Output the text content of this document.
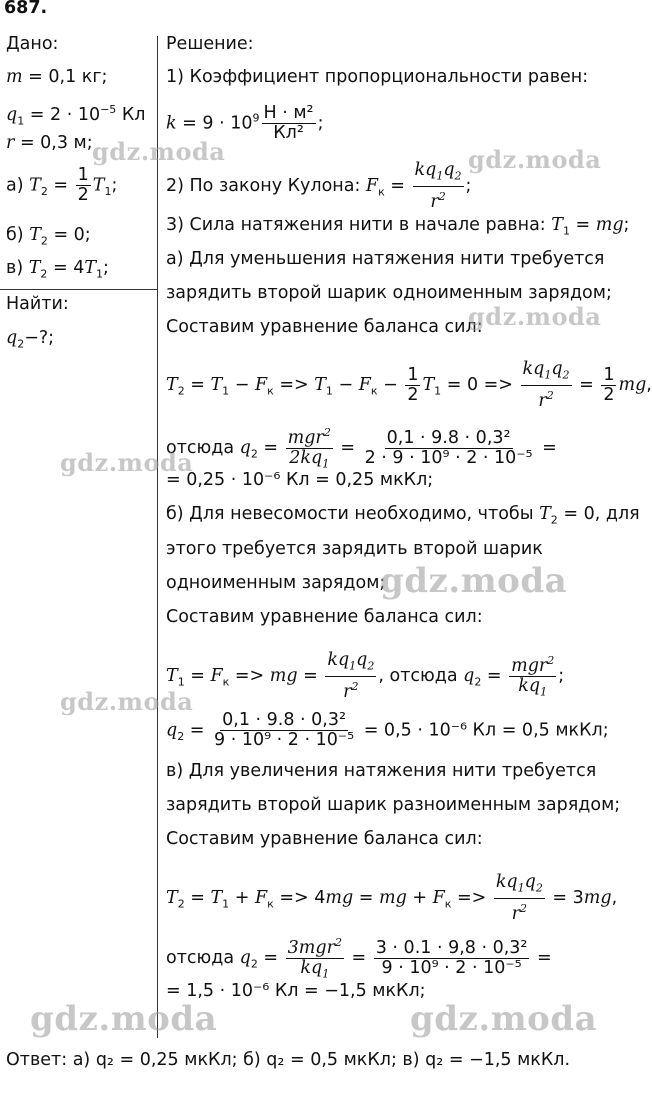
687.
Дано:
m = 0,1 кг;
$q_1 = 2 \cdot 10^{-5}$ Кл
r = 0,3 м;
а) $T_2 = \frac{1}{2} T_1$;
б) $T_2 = 0$;
в) $T_2 = 4T_1$;
Найти:
$q_2-$?;
Решение:
1) Коэффициент пропорциональности равен:
$k = 9 \cdot 10^9 \frac{\text{Н · м²}}{\text{Кл²}}$ ;
2) По закону Кулона: $F_к = \frac{kq_1q_2}{r^2}$ ;
3) Сила натяжения нити в начале равна: $T_1$ = mg;
а) Для уменьшения натяжения нити требуется
зарядить второй шарик одноименным зарядом;
Составим уравнение баланса сил:
$T_2 = T_1 - F_к => T_1 - F_к - \frac{1}{2} T_1 = 0 => \frac{kq_1q_2}{r^2} = \frac{1}{2}$ mg,
отсюда $q_2 = \frac{mgr^2}{2kq_1} = \frac{\text{0,1 · 9.8 · 0,3²}}{\text{2 · 9 · 10⁹ · 2 · 10⁻⁵}}$ =
= 0,25 · 10⁻⁶ Кл = 0,25 мкКл;
б) Для невесомости необходимо, чтобы $T_2 = 0$, для
этого требуется зарядить второй шарик
одноименным зарядом;
Составим уравнение баланса сил:
$T_1 = F_к$ => mg = $\frac{kq_1q_2}{r^2}$ , отсюда $q_2 = \frac{mgr^2}{kq_1}$ ;
$q_2 = \frac{\text{0,1 · 9.8 · 0,3²}}{\text{9 · 10⁹ · 2 · 10⁻⁵}} = 0,5 \cdot 10^{-6}$ Кл = 0,5 мкКл;
в) Для увеличения натяжения нити требуется
зарядить второй шарик разноименным зарядом;
Составим уравнение баланса сил:
$T_2 = T_1 + F_к => 4mg$ = mg + $F_к => \frac{kq_1q_2}{r^2} = 3mg$,
отсюда $q_2 = \frac{3mgr^2}{kq_1} = \frac{\text{3 · 0.1 · 9,8 · 0,3²}}{\text{9 · 10⁹ · 2 · 10⁻⁵}}$ =
= 1,5 · 10⁻⁶ Кл = −1,5 мкКл;
Ответ: а) q₂ = 0,25 мкКл; б) q₂ = 0,5 мкКл; в) q₂ = −1,5 мкКл.
gdz.moda	gdz.moda
gdz.moda
gdz.moda
gdz.moda
gdz.moda
gdz.moda	gdz.moda
